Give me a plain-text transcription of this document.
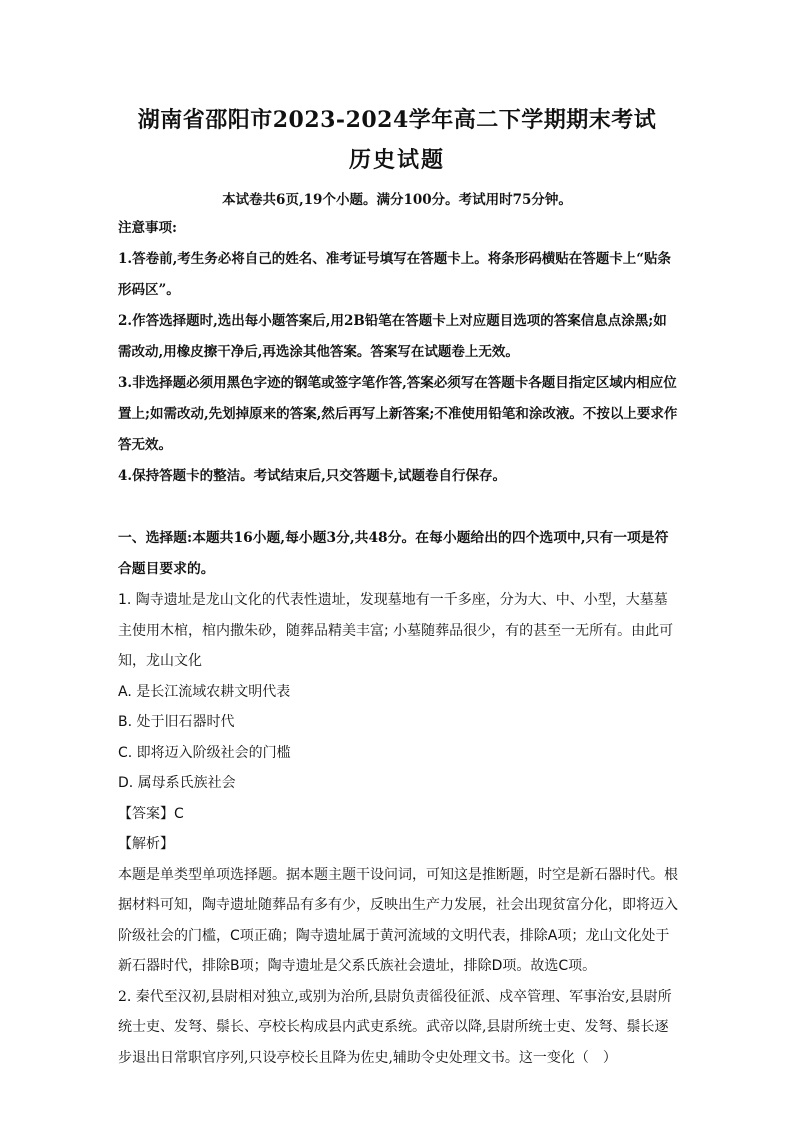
湖南省邵阳市2023-2024学年高二下学期期末考试
历史试题
本试卷共6页,19个小题。满分100分。考试用时75分钟。

注意事项:

1.答卷前,考生务必将自己的姓名、准考证号填写在答题卡上。将条形码横贴在答题卡上“贴条形码区”。

2.作答选择题时,选出每小题答案后,用2B铅笔在答题卡上对应题目选项的答案信息点涂黑;如需改动,用橡皮擦干净后,再选涂其他答案。答案写在试题卷上无效。

3.非选择题必须用黑色字迹的钢笔或签字笔作答,答案必须写在答题卡各题目指定区域内相应位置上;如需改动,先划掉原来的答案,然后再写上新答案;不准使用铅笔和涂改液。不按以上要求作答无效。

4.保持答题卡的整洁。考试结束后,只交答题卡,试题卷自行保存。

一、选择题:本题共16小题,每小题3分,共48分。在每小题给出的四个选项中,只有一项是符合题目要求的。

1. 陶寺遗址是龙山文化的代表性遗址，发现墓地有一千多座，分为大、中、小型，大墓墓主使用木棺，棺内撒朱砂，随葬品精美丰富; 小墓随葬品很少，有的甚至一无所有。由此可知，龙山文化

A. 是长江流域农耕文明代表
B. 处于旧石器时代
C. 即将迈入阶级社会的门槛
D. 属母系氏族社会

【答案】C

【解析】

本题是单类型单项选择题。据本题主题干设问词，可知这是推断题，时空是新石器时代。根据材料可知，陶寺遗址随葬品有多有少，反映出生产力发展，社会出现贫富分化，即将迈入阶级社会的门槛，C项正确；陶寺遗址属于黄河流域的文明代表，排除A项；龙山文化处于新石器时代，排除B项；陶寺遗址是父系氏族社会遗址，排除D项。故选C项。

2. 秦代至汉初,县尉相对独立,或别为治所,县尉负责徭役征派、戍卒管理、军事治安,县尉所统士吏、发弩、鬃长、亭校长构成县内武吏系统。武帝以降,县尉所统士吏、发弩、鬃长逐步退出日常职官序列,只设亭校长且降为佐史,辅助令史处理文书。这一变化（　）
